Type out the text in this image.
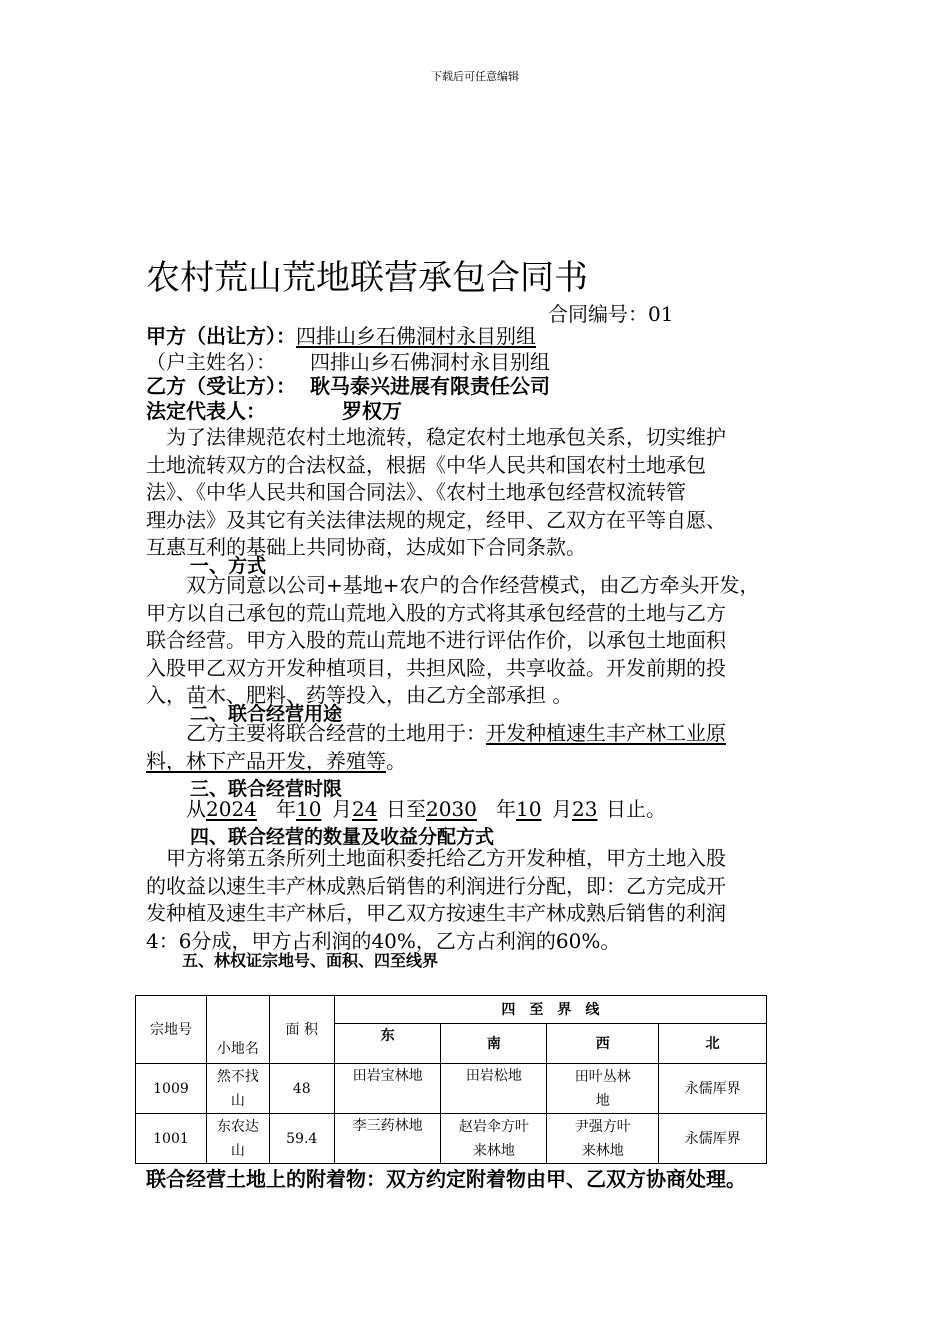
下载后可任意编辑
农村荒山荒地联营承包合同书
合同编号：01
甲方（出让方）：四排山乡石佛洞村永目别组
（户主姓名）： 四排山乡石佛洞村永目别组
乙方（受让方）： 耿马泰兴进展有限责任公司
法定代表人：	罗权万
　为了法律规范农村土地流转，稳定农村土地承包关系，切实维护
土地流转双方的合法权益，根据《中华人民共和国农村土地承包
法》、《中华人民共和国合同法》、《农村土地承包经营权流转管
理办法》及其它有关法律法规的规定，经甲、乙双方在平等自愿、
互惠互利的基础上共同协商，达成如下合同条款。
一、方式
　　双方同意以公司+基地+农户的合作经营模式，由乙方牵头开发，
甲方以自己承包的荒山荒地入股的方式将其承包经营的土地与乙方
联合经营。甲方入股的荒山荒地不进行评估作价，以承包土地面积
入股甲乙双方开发种植项目，共担风险，共享收益。开发前期的投
入，苗木、肥料、药等投入，由乙方全部承担 。
二、联合经营用途
　　乙方主要将联合经营的土地用于：开发种植速生丰产林工业原
料，林下产品开发，养殖等。
三、联合经营时限
　　从2024年10月24日至2030年10月23日止。
四、联合经营的数量及收益分配方式
　甲方将第五条所列土地面积委托给乙方开发种植，甲方土地入股
的收益以速生丰产林成熟后销售的利润进行分配，即：乙方完成开
发种植及速生丰产林后，甲乙双方按速生丰产林成熟后销售的利润
4：6分成，甲方占利润的40%，乙方占利润的60%。
五、林权证宗地号、面积、四至线界
宗地号	小地名	面 积	四　至　界　线			
			东	南	西	北
1009	然不找山	48	田岩宝林地	田岩松地	田叶丛林地	永儒厍界
1001	东农达山	59.4	李三药林地	赵岩伞方叶来林地	尹强方叶来林地	永儒厍界
联合经营土地上的附着物：双方约定附着物由甲、乙双方协商处理。
